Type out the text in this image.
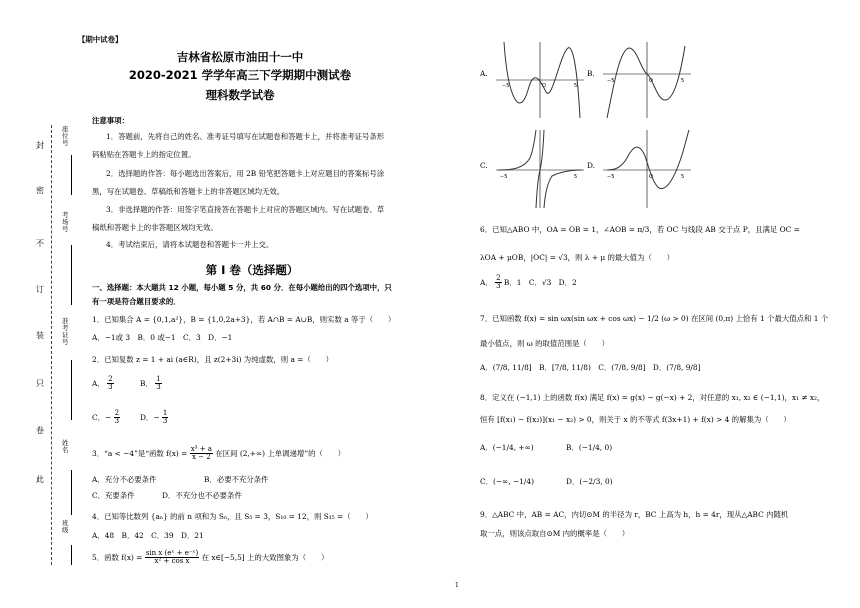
【期中试卷】
吉林省松原市油田十一中
2020-2021 学学年高三下学期期中测试卷
理科数学试卷
封
密
不
订
装
只
卷
此
座
位
号
考
场
号
准
考
证
号
姓
名
班
级
注意事项：
1．答题前，先将自己的姓名、准考证号填写在试题卷和答题卡上，并将准考证号条形
码粘贴在答题卡上的指定位置。
2．选择题的作答：每小题选出答案后，用 2B 铅笔把答题卡上对应题目的答案标号涂
黑，写在试题卷、草稿纸和答题卡上的非答题区域均无效。
3．非选择题的作答：用签字笔直接答在答题卡上对应的答题区域内。写在试题卷、草
稿纸和答题卡上的非答题区域均无效。
4．考试结束后，请将本试题卷和答题卡一并上交。
第 I 卷（选择题）
一、选择题：本大题共 12 小题，每小题 5 分，共 60 分．在每小题给出的四个选项中，只
有一项是符合题目要求的．
1．已知集合 A = {0,1,a²}，B = {1,0,2a+3}，若 A∩B = A∪B，则实数 a 等于（　　）
A．−1或 3　B．0 或−1　C．3　D．−1
2．已知复数 z = 1 + ai (a∈R)，且 z(2+3i) 为纯虚数，则 a =（　　）
A． $\frac{2}{3}$	B． $\frac{1}{3}$
C．− $\frac{2}{3}$	D．− $\frac{1}{3}$
3．“a < −4”是“函数 $f(x) = \frac{\text{x³ + a}}{x - 2}$ 在区间 (2,+∞) 上单调递增”的（　　）
A．充分不必要条件	B．必要不充分条件
C．充要条件	D．不充分也不必要条件
4．已知等比数列 {aₙ} 的前 n 项和为 Sₙ，且 S₅ = 3，S₁₀ = 12，则 S₁₅ =（　　）
A．48　B．42　C．39　D．21
5．函数 $f(x) = \frac{\text{sin x (eˣ + e⁻ˣ)}}{\text{x² + cos x}}$ 在 x∈[−5,5] 上的大致图象为（　　）
A.
−5	5
O
B.
−5	5
O
C.
−5	5
D.
−5	5
O
6．已知△ABO 中，OA = OB = 1，∠AOB = π/3，若 OC 与线段 AB 交于点 P，且满足 OC =
λOA + μOB，|OC| = √3，则 λ + μ 的最大值为（　　）
A． $\frac{2}{3}$ B．1　C．√3　D．2
7．已知函数 f(x) = sin ωx(sin ωx + cos ωx) − 1/2 (ω > 0) 在区间 (0,π) 上恰有 1 个最大值点和 1 个
最小值点，则 ω 的取值范围是（　　）
A．(7/8, 11/8]　B．[7/8, 11/8)　C．(7/8, 9/8]　D．(7/8, 9/8]
8．定义在 (−1,1) 上的函数 f(x) 满足 f(x) = g(x) − g(−x) + 2，对任意的 x₁, x₂ ∈ (−1,1)，x₁ ≠ x₂，
恒有 [f(x₁) − f(x₂)](x₁ − x₂) > 0，则关于 x 的不等式 f(3x+1) + f(x) > 4 的解集为（　　）
A．(−1/4, +∞)	B．(−1/4, 0)
C．(−∞, −1/4)	D．(−2/3, 0)
9．△ABC 中，AB = AC，内切⊙M 的半径为 r，BC 上高为 h，h = 4r，现从△ABC 内随机
取一点，则该点取自⊙M 内的概率是（　　）
1
